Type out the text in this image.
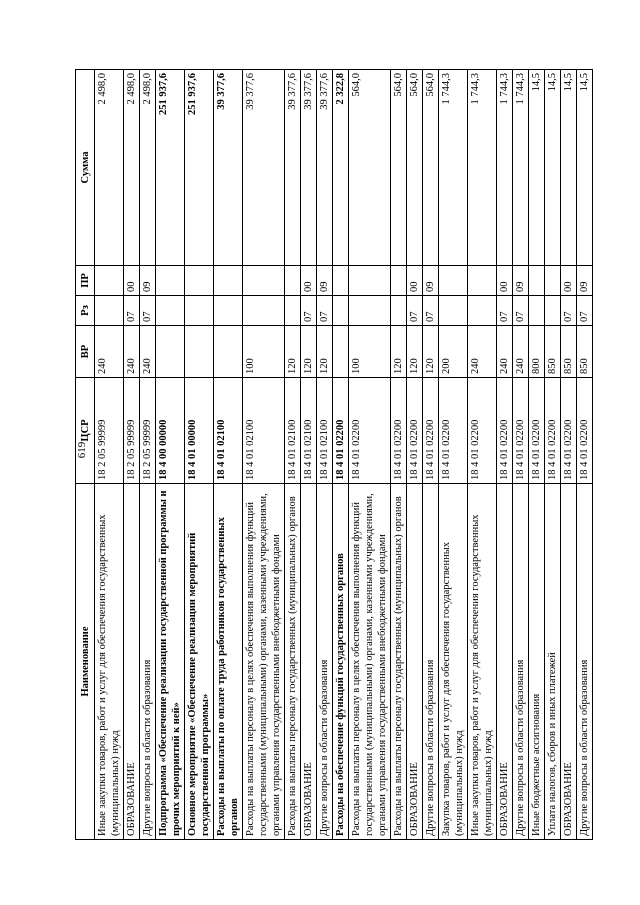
619
Наименование	ЦСР	ВР	Рз	ПР	Сумма
Иные закупки товаров, работ и услуг для обеспечения государственных (муниципальных) нужд	18 2 05 99999	240			2 498,0
ОБРАЗОВАНИЕ	18 2 05 99999	240	07	00	2 498,0
Другие вопросы в области образования	18 2 05 99999	240	07	09	2 498,0
Подпрограмма «Обеспечение реализации государственной программы и прочих мероприятий к ней»	18 4 00 00000				251 937,6
Основное мероприятие «Обеспечение реализации мероприятий государственной программы»	18 4 01 00000				251 937,6
Расходы на выплаты по оплате труда работников государственных органов	18 4 01 02100				39 377,6
Расходы на выплаты персоналу в целях обеспечения выполнения функций государственными (муниципальными) органами, казенными учреждениями, органами управления государственными внебюджетными фондами	18 4 01 02100	100			39 377,6
Расходы на выплаты персоналу государственных (муниципальных) органов	18 4 01 02100	120			39 377,6
ОБРАЗОВАНИЕ	18 4 01 02100	120	07	00	39 377,6
Другие вопросы в области образования	18 4 01 02100	120	07	09	39 377,6
Расходы на обеспечение функций государственных органов	18 4 01 02200				2 322,8
Расходы на выплаты персоналу в целях обеспечения выполнения функций государственными (муниципальными) органами, казенными учреждениями, органами управления государственными внебюджетными фондами	18 4 01 02200	100			564,0
Расходы на выплаты персоналу государственных (муниципальных) органов	18 4 01 02200	120			564,0
ОБРАЗОВАНИЕ	18 4 01 02200	120	07	00	564,0
Другие вопросы в области образования	18 4 01 02200	120	07	09	564,0
Закупка товаров, работ и услуг для обеспечения государственных (муниципальных) нужд	18 4 01 02200	200			1 744,3
Иные закупки товаров, работ и услуг для обеспечения государственных (муниципальных) нужд	18 4 01 02200	240			1 744,3
ОБРАЗОВАНИЕ	18 4 01 02200	240	07	00	1 744,3
Другие вопросы в области образования	18 4 01 02200	240	07	09	1 744,3
Иные бюджетные ассигнования	18 4 01 02200	800			14,5
Уплата налогов, сборов и иных платежей	18 4 01 02200	850			14,5
ОБРАЗОВАНИЕ	18 4 01 02200	850	07	00	14,5
Другие вопросы в области образования	18 4 01 02200	850	07	09	14,5
